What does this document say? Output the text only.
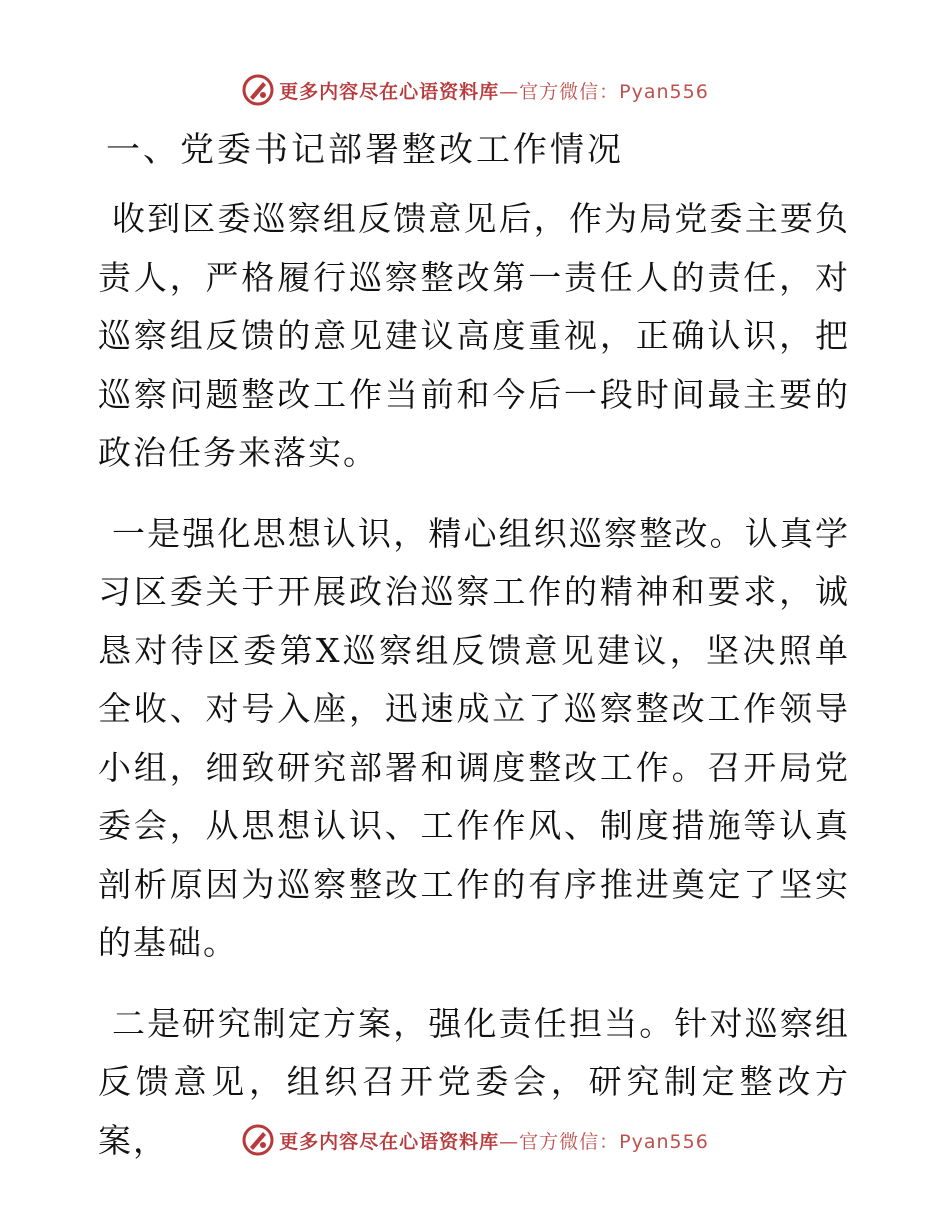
更多内容尽在心语资料库—官方微信：Pyan556
一、党委书记部署整改工作情况

收到区委巡察组反馈意见后，作为局党委主要负责人，严格履行巡察整改第一责任人的责任，对巡察组反馈的意见建议高度重视，正确认识，把巡察问题整改工作当前和今后一段时间最主要的政治任务来落实。

一是强化思想认识，精心组织巡察整改。认真学习区委关于开展政治巡察工作的精神和要求，诚恳对待区委第X巡察组反馈意见建议，坚决照单全收、对号入座，迅速成立了巡察整改工作领导小组，细致研究部署和调度整改工作。召开局党委会，从思想认识、工作作风、制度措施等认真剖析原因为巡察整改工作的有序推进奠定了坚实的基础。

二是研究制定方案，强化责任担当。针对巡察组反馈意见，组织召开党委会，研究制定整改方案，	更多内容尽在心语资料库—官方微信：Pyan556
